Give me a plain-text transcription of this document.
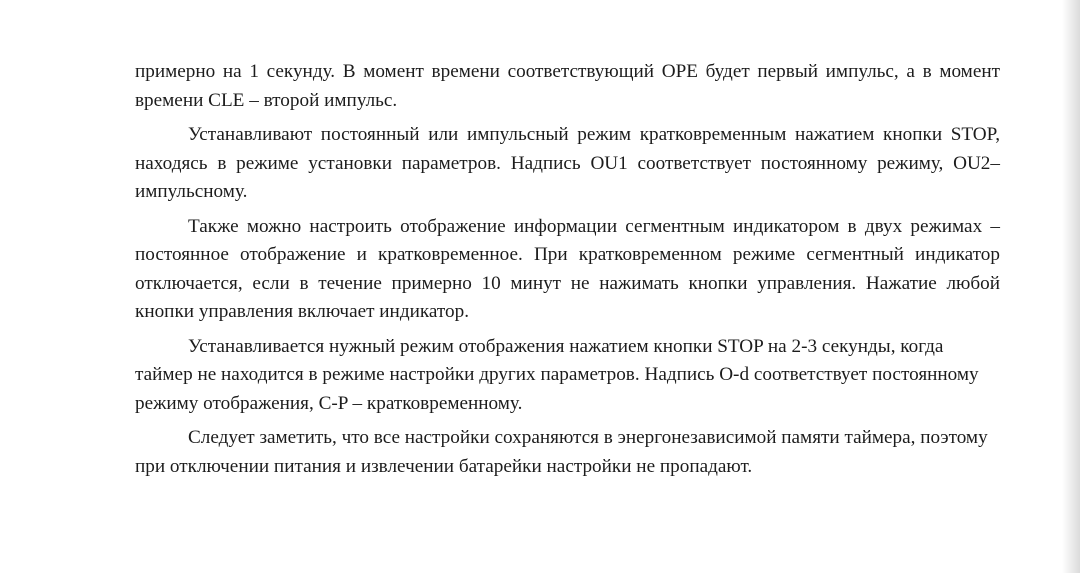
примерно на 1 секунду. В момент времени соответствующий ОРЕ будет первый импульс, а в момент времени CLE – второй импульс.

Устанавливают постоянный или импульсный режим кратковременным нажатием кнопки STOP, находясь в режиме установки параметров. Надпись OU1 соответствует постоянному режиму, OU2– импульсному.

Также можно настроить отображение информации сегментным индикатором в двух режимах – постоянное отображение и кратковременное. При кратковременном режиме сегментный индикатор отключается, если в течение примерно 10 минут не нажимать кнопки управления. Нажатие любой кнопки управления включает индикатор.

Устанавливается нужный режим отображения нажатием кнопки STOP на 2-3 секунды, когда таймер не находится в режиме настройки других параметров. Надпись O-d соответствует постоянному режиму отображения, C-P – кратковременному.

Следует заметить, что все настройки сохраняются в энергонезависимой памяти таймера, поэтому при отключении питания и извлечении батарейки настройки не пропадают.
